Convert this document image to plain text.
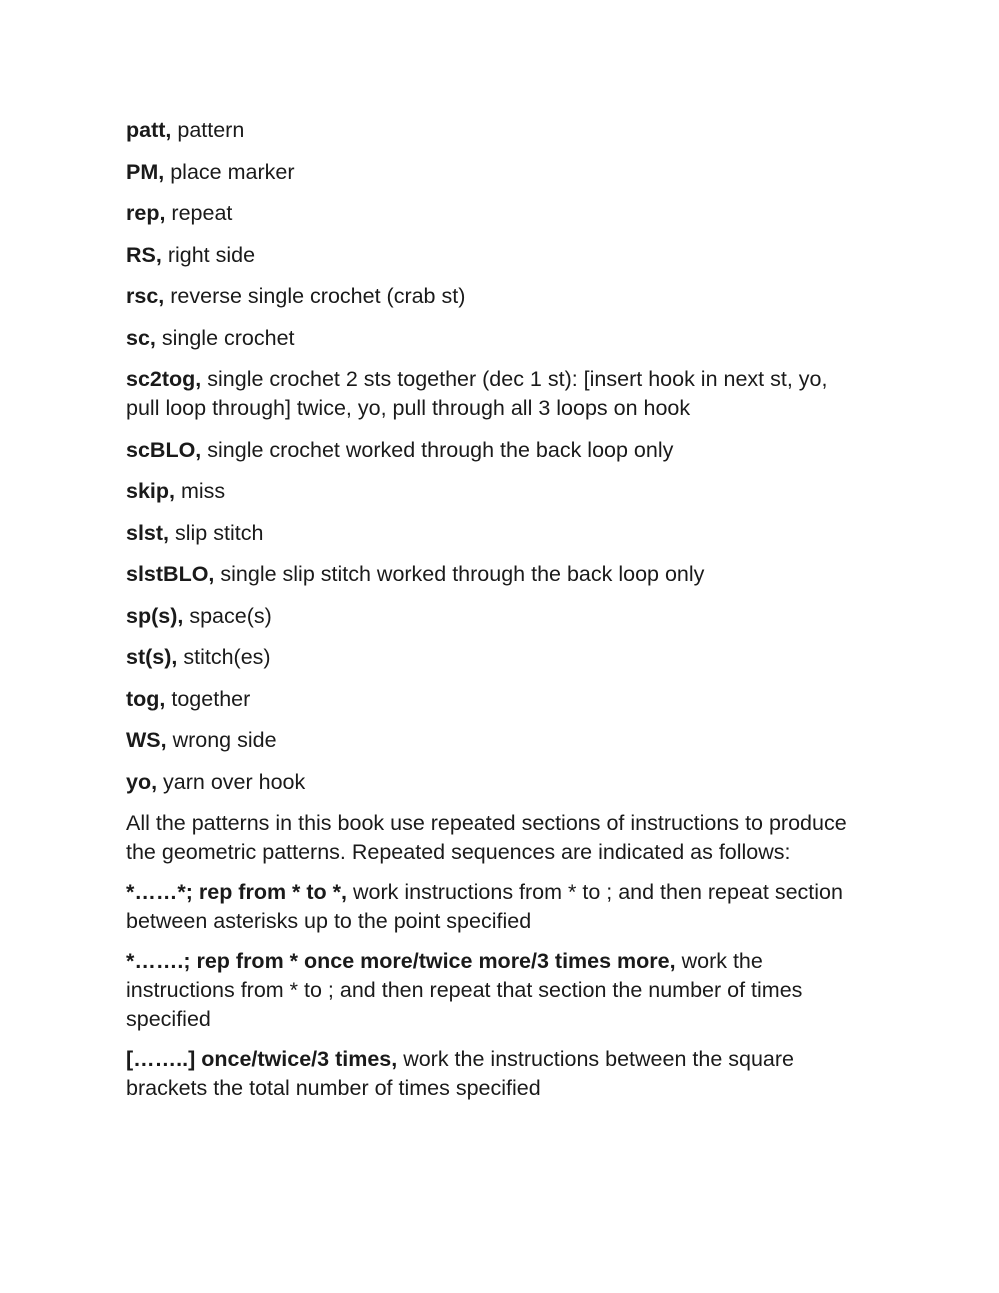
patt, pattern
PM, place marker
rep, repeat
RS, right side
rsc, reverse single crochet (crab st)
sc, single crochet
sc2tog, single crochet 2 sts together (dec 1 st): [insert hook in next st, yo, pull loop through] twice, yo, pull through all 3 loops on hook
scBLO, single crochet worked through the back loop only
skip, miss
slst, slip stitch
slstBLO, single slip stitch worked through the back loop only
sp(s), space(s)
st(s), stitch(es)
tog, together
WS, wrong side
yo, yarn over hook
All the patterns in this book use repeated sections of instructions to produce the geometric patterns. Repeated sequences are indicated as follows:
*……*; rep from * to *, work instructions from * to ; and then repeat section between asterisks up to the point specified
*…….; rep from * once more/twice more/3 times more, work the instructions from * to ; and then repeat that section the number of times specified
[……..] once/twice/3 times, work the instructions between the square brackets the total number of times specified
